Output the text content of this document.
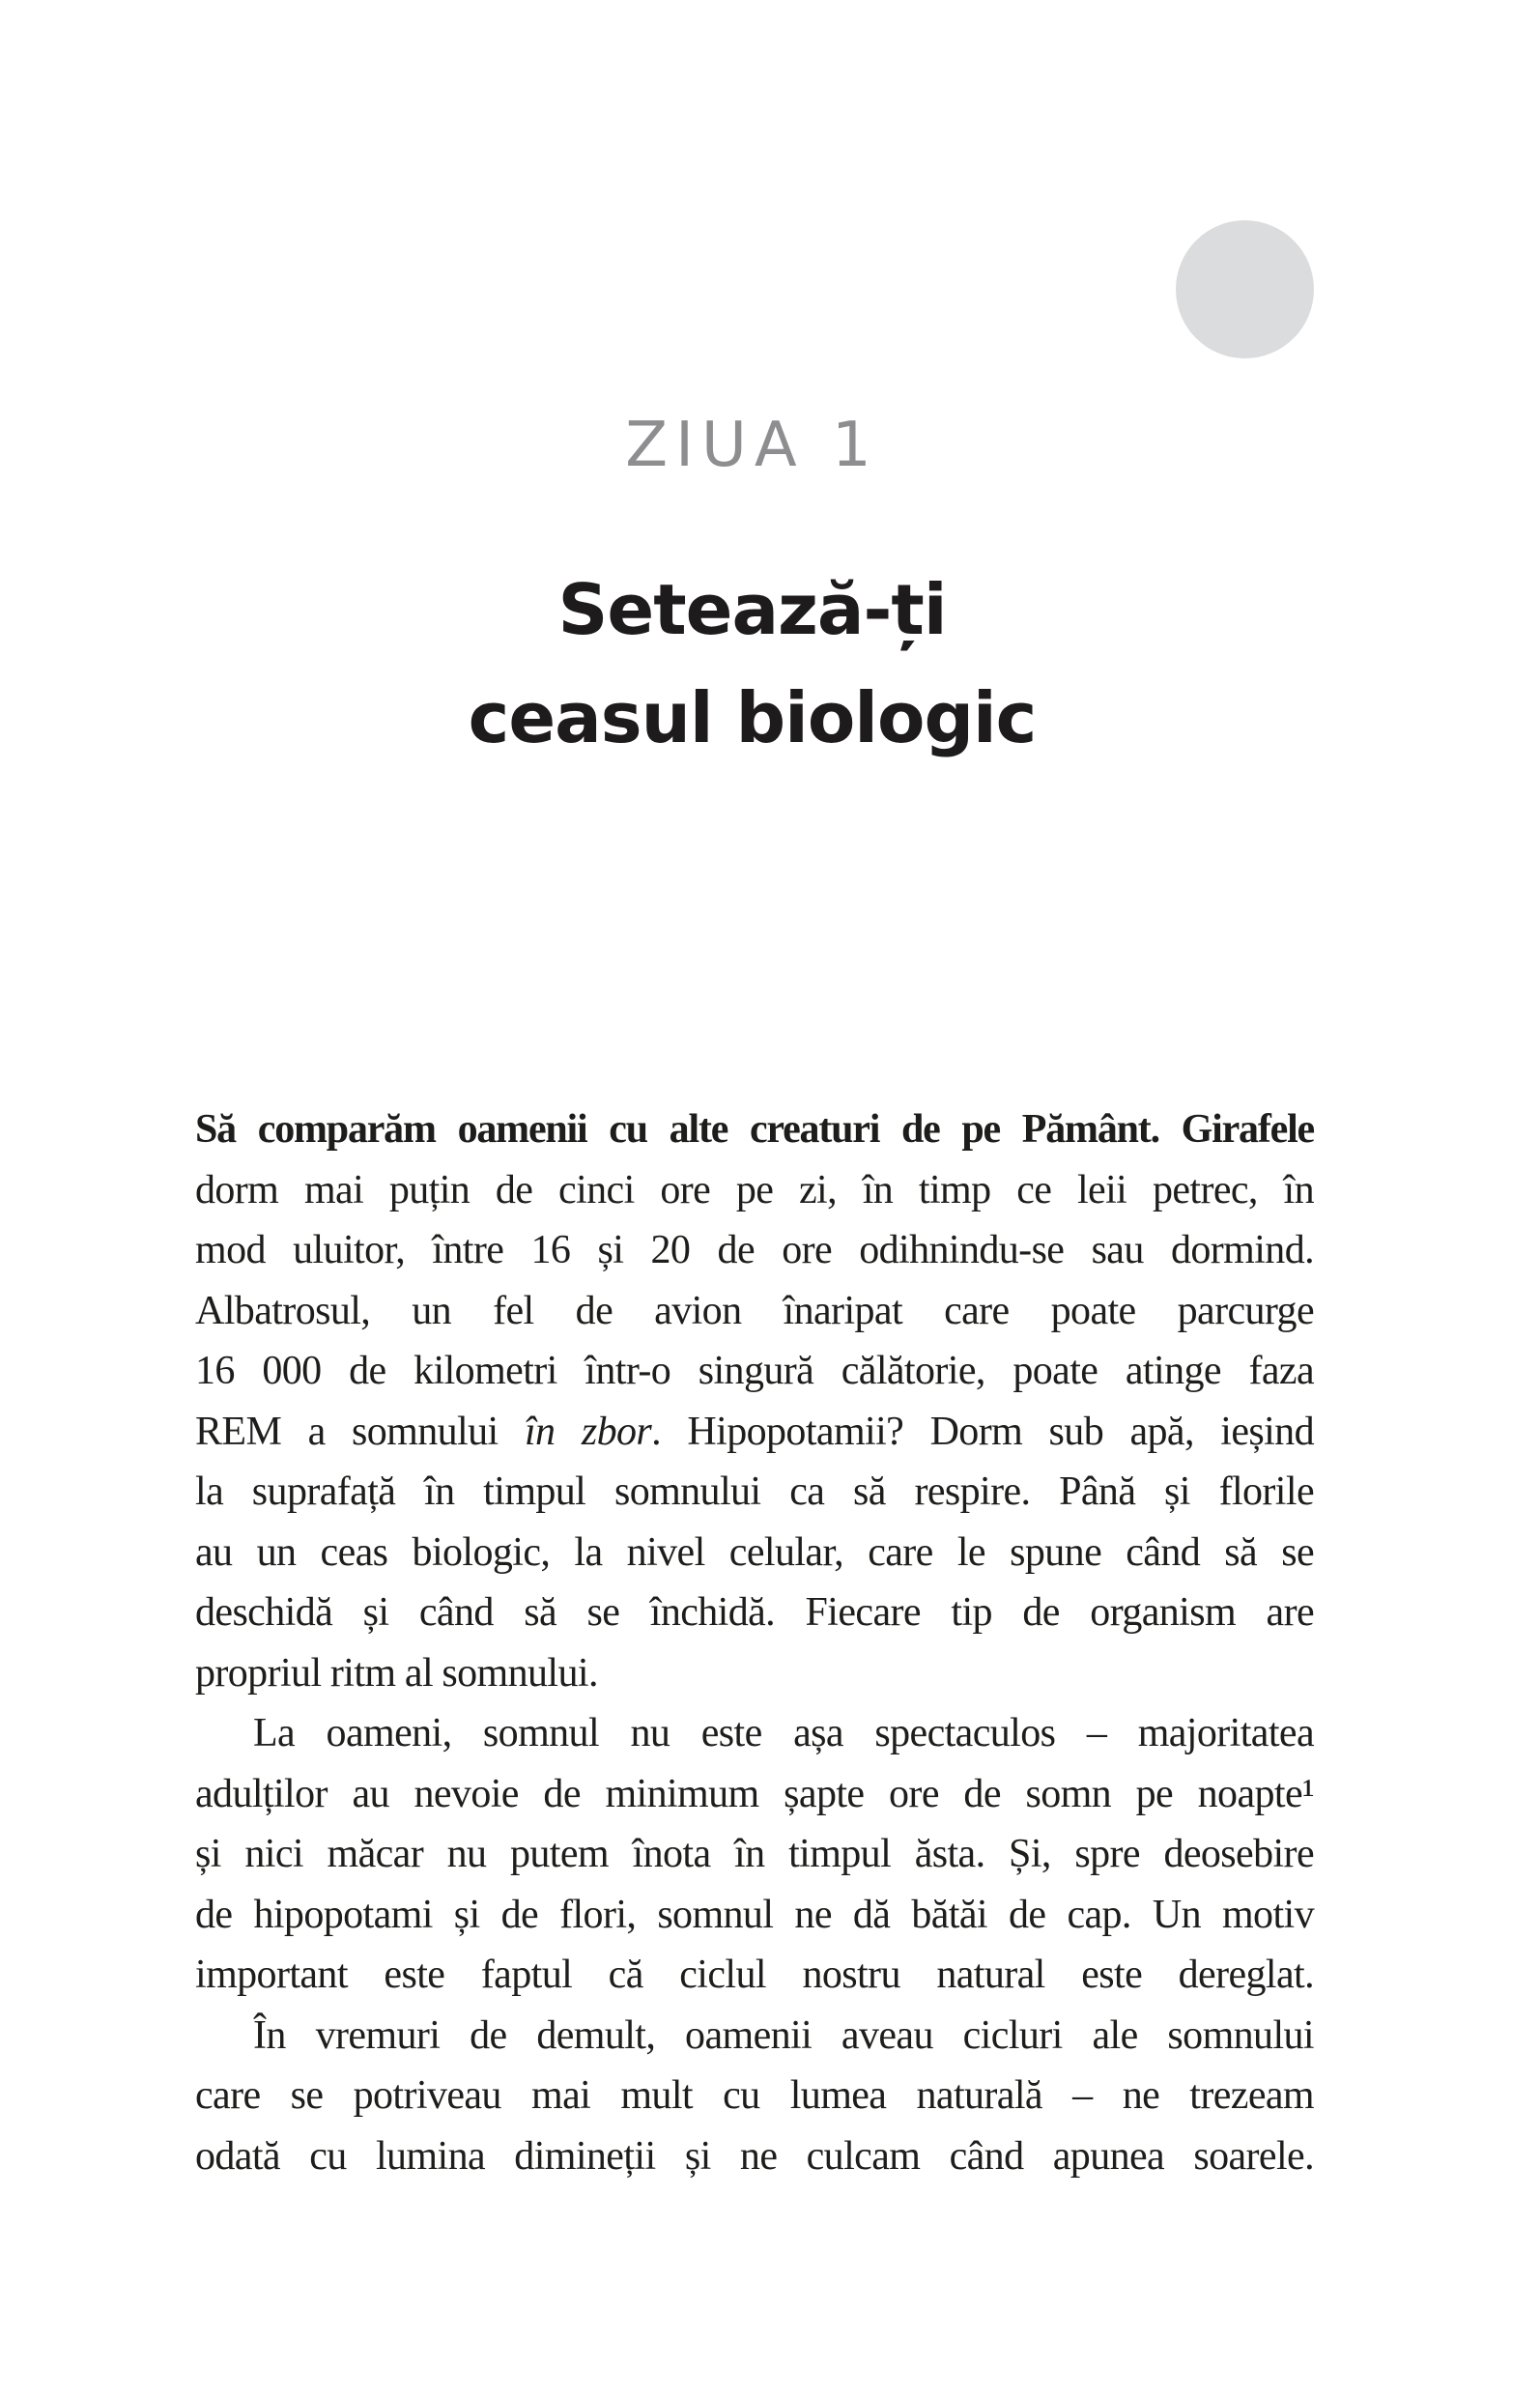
ZIUA 1
Setează-ți
ceasul biologic
Să comparăm oamenii cu alte creaturi de pe Pământ. Girafele
dorm mai puțin de cinci ore pe zi, în timp ce leii petrec, în
mod uluitor, între 16 și 20 de ore odihnindu-se sau dormind.
Albatrosul, un fel de avion înaripat care poate parcurge
16 000 de kilometri într-o singură călătorie, poate atinge faza
REM a somnului în zbor. Hipopotamii? Dorm sub apă, ieșind
la suprafață în timpul somnului ca să respire. Până și florile
au un ceas biologic, la nivel celular, care le spune când să se
deschidă și când să se închidă. Fiecare tip de organism are
propriul ritm al somnului.
La oameni, somnul nu este așa spectaculos – majoritatea
adulților au nevoie de minimum șapte ore de somn pe noapte¹
și nici măcar nu putem înota în timpul ăsta. Și, spre deosebire
de hipopotami și de flori, somnul ne dă bătăi de cap. Un motiv
important este faptul că ciclul nostru natural este dereglat.
În vremuri de demult, oamenii aveau cicluri ale somnului
care se potriveau mai mult cu lumea naturală – ne trezeam
odată cu lumina dimineții și ne culcam când apunea soarele.
